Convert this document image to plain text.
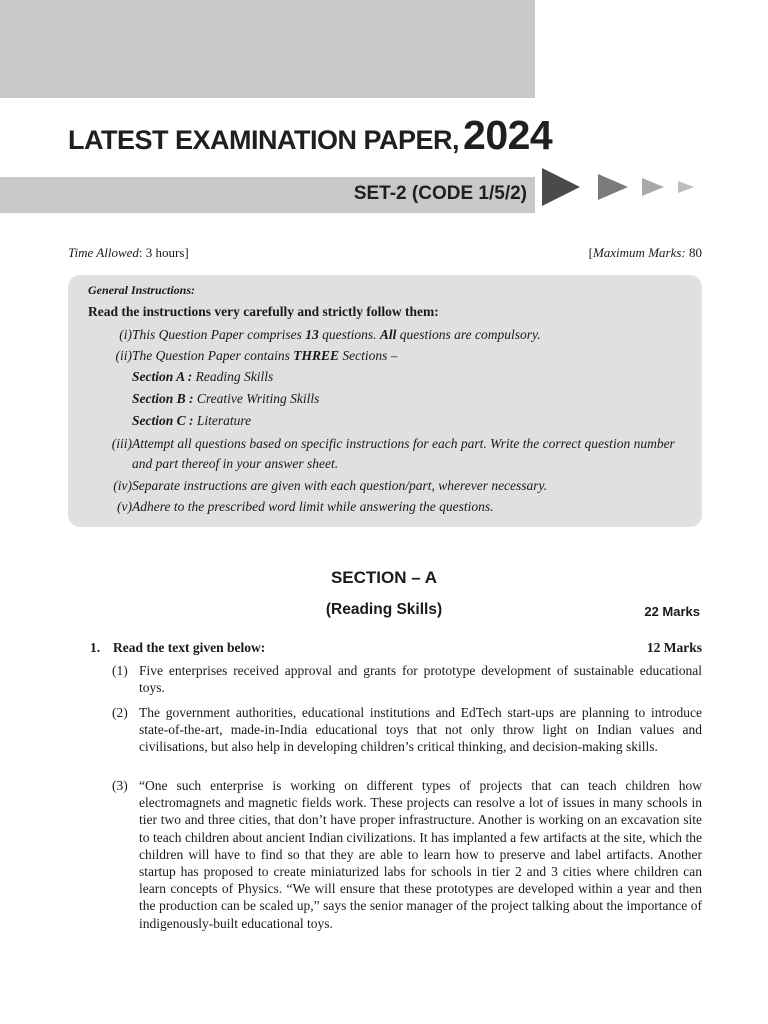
LATEST EXAMINATION PAPER,2024
SET-2 (CODE 1/5/2)
Time Allowed: 3 hours]	[Maximum Marks: 80
General Instructions:
Read the instructions very carefully and strictly follow them:
(i) This Question Paper comprises 13 questions. All questions are compulsory.
(ii) The Question Paper contains THREE Sections –
Section A : Reading Skills
Section B : Creative Writing Skills
Section C : Literature
(iii) Attempt all questions based on specific instructions for each part. Write the correct question number and part thereof in your answer sheet.
(iv) Separate instructions are given with each question/part, wherever necessary.
(v) Adhere to the prescribed word limit while answering the questions.
SECTION – A
(Reading Skills)	22 Marks
1. Read the text given below:	12 Marks
(1) Five enterprises received approval and grants for prototype development of sustainable educational toys.
(2) The government authorities, educational institutions and EdTech start-ups are planning to introduce state-of-the-art, made-in-India educational toys that not only throw light on Indian values and civilisations, but also help in developing children’s critical thinking, and decision-making skills.
(3) “One such enterprise is working on different types of projects that can teach children how electromagnets and magnetic fields work. These projects can resolve a lot of issues in many schools in tier two and three cities, that don’t have proper infrastructure. Another is working on an excavation site to teach children about ancient Indian civilizations. It has implanted a few artifacts at the site, which the children will have to find so that they are able to learn how to preserve and label artifacts. Another startup has proposed to create miniaturized labs for schools in tier 2 and 3 cities where children can learn concepts of Physics. “We will ensure that these prototypes are developed within a year and then the production can be scaled up,” says the senior manager of the project talking about the importance of indigenously-built educational toys.
